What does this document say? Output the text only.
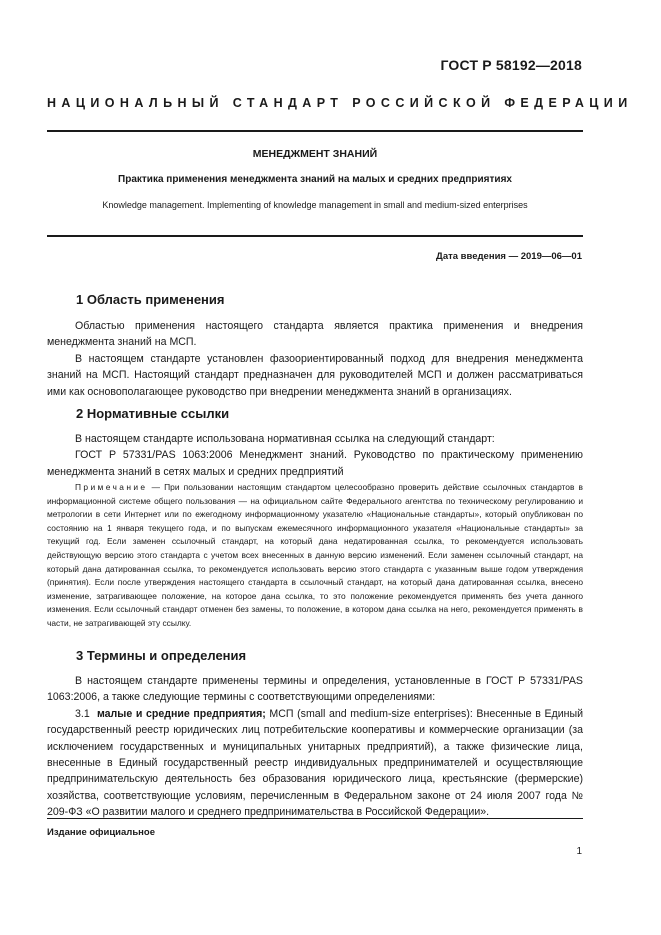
ГОСТ Р 58192—2018
НАЦИОНАЛЬНЫЙ СТАНДАРТ РОССИЙСКОЙ ФЕДЕРАЦИИ
МЕНЕДЖМЕНТ ЗНАНИЙ
Практика применения менеджмента знаний на малых и средних предприятиях
Knowledge management. Implementing of knowledge management in small and medium-sized enterprises
Дата введения — 2019—06—01
1 Область применения

Областью применения настоящего стандарта является практика применения и внедрения менеджмента знаний на МСП.

В настоящем стандарте установлен фазоориентированный подход для внедрения менеджмента знаний на МСП. Настоящий стандарт предназначен для руководителей МСП и должен рассматриваться ими как основополагающее руководство при внедрении менеджмента знаний в организациях.

2 Нормативные ссылки

В настоящем стандарте использована нормативная ссылка на следующий стандарт:

ГОСТ Р 57331/PAS 1063:2006 Менеджмент знаний. Руководство по практическому применению менеджмента знаний в сетях малых и средних предприятий

Примечание — При пользовании настоящим стандартом целесообразно проверить действие ссылочных стандартов в информационной системе общего пользования — на официальном сайте Федерального агентства по техническому регулированию и метрологии в сети Интернет или по ежегодному информационному указателю «Национальные стандарты», который опубликован по состоянию на 1 января текущего года, и по выпускам ежемесячного информационного указателя «Национальные стандарты» за текущий год. Если заменен ссылочный стандарт, на который дана недатированная ссылка, то рекомендуется использовать действующую версию этого стандарта с учетом всех внесенных в данную версию изменений. Если заменен ссылочный стандарт, на который дана датированная ссылка, то рекомендуется использовать версию этого стандарта с указанным выше годом утверждения (принятия). Если после утверждения настоящего стандарта в ссылочный стандарт, на который дана датированная ссылка, внесено изменение, затрагивающее положение, на которое дана ссылка, то это положение рекомендуется применять без учета данного изменения. Если ссылочный стандарт отменен без замены, то положение, в котором дана ссылка на него, рекомендуется применять в части, не затрагивающей эту ссылку.
3 Термины и определения

В настоящем стандарте применены термины и определения, установленные в ГОСТ Р 57331/PAS 1063:2006, а также следующие термины с соответствующими определениями:

3.1 малые и средние предприятия; МСП (small and medium-size enterprises): Внесенные в Единый государственный реестр юридических лиц потребительские кооперативы и коммерческие организации (за исключением государственных и муниципальных унитарных предприятий), а также физические лица, внесенные в Единый государственный реестр индивидуальных предпринимателей и осуществляющие предпринимательскую деятельность без образования юридического лица, крестьянские (фермерские) хозяйства, соответствующие условиям, перечисленным в Федеральном законе от 24 июля 2007 года № 209-ФЗ «О развитии малого и среднего предпринимательства в Российской Федерации».

Издание официальное
1
